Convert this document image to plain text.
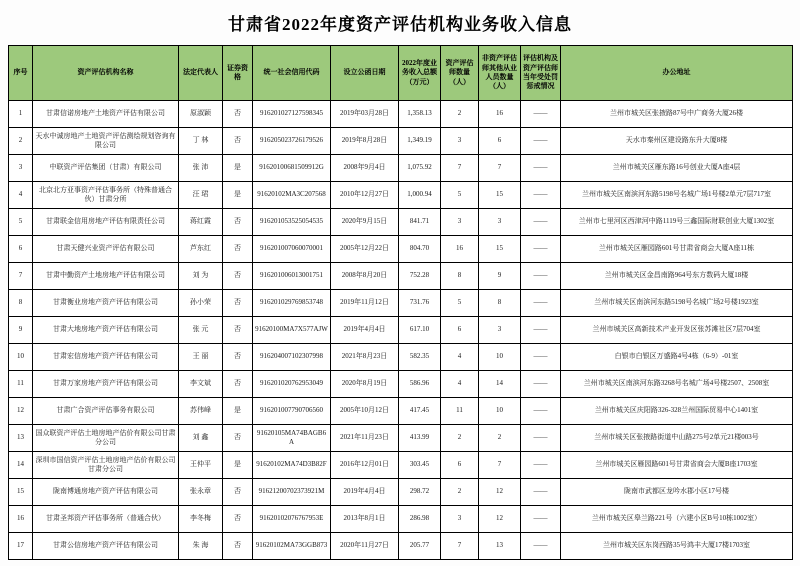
甘肃省2022年度资产评估机构业务收入信息
序号	资产评估机构名称	法定代表人	证券资格	统一社会信用代码	设立公函日期	2022年度业务收入总额（万元）	资产评估师数量（人）	非资产评估师其他从业人员数量（人）	评估机构及资产评估师当年受处罚惩戒情况	办公地址
1	甘肃信诺房地产土地资产评估有限公司	原淑颖	否	916201027127598345	2019年03月28日	1,358.13	2	16	——	兰州市城关区张掖路87号中广商务大厦26楼
2	天水中诚房地产土地资产评估测绘规划咨询有限公司	丁 林	否	916205023726179526	2019年8月28日	1,349.19	3	6	——	天水市秦州区建设路东升大厦8楼
3	中联资产评估集团（甘肃）有限公司	张 沛	是	91620100681509912G	2008年9月4日	1,075.92	7	7	——	兰州市城关区雁东路16号创业大厦A座4层
4	北京北方亚事资产评估事务所（特殊普通合伙）甘肃分所	汪 珺	是	91620102MA3C207568	2010年12月27日	1,000.94	5	15	——	兰州市城关区南滨河东路5198号名城广场1号楼2单元7层717室
5	甘肃联金信用房地产评估有限责任公司	蒋红霞	否	916201053525054535	2020年9月15日	841.71	3	3	——	兰州市七里河区西津河中路1119号三鑫国际财联创业大厦1302室
6	甘肃天健兴业资产评估有限公司	芦东红	否	916201007060070001	2005年12月22日	804.70	16	15	——	兰州市城关区雁园路601号甘肃省商会大厦A座11栋
7	甘肃中勤资产土地房地产评估有限公司	刘 为	否	916201006013001751	2008年8月20日	752.28	8	9	——	兰州市城关区金昌南路964号东方数码大厦18楼
8	甘肃衡业房地产资产评估有限公司	孙小荣	否	916201029769853748	2019年11月12日	731.76	5	8	——	兰州市城关区南滨河东路5198号名城广场2号楼1923室
9	甘肃大地房地产资产评估有限公司	张 元	否	91620100MA7X577AJW	2019年4月4日	617.10	6	3	——	兰州市城关区高新技术产业开发区张苏滩社区7层704室
10	甘肃宏信房地产资产评估有限公司	王 丽	否	916204007102307998	2021年8月23日	582.35	4	10	——	白银市白银区万盛路4号4栋（6-9）-01室
11	甘肃万家房地产资产评估有限公司	李文斌	否	916201020762953049	2020年8月19日	586.96	4	14	——	兰州市城关区南滨河东路3268号名城广场4号楼2507、2508室
12	甘肃广合资产评估事务有限公司	苏伟峰	是	916201007790706560	2005年10月12日	417.45	11	10	——	兰州市城关区庆阳路326-328兰州国际贸易中心1401室
13	国众联资产评估土地房地产估价有限公司甘肃分公司	刘 鑫	否	91620105MA74BAGB6A	2021年11月23日	413.99	2	2	——	兰州市城关区张掖路街道中山路275号2单元21楼003号
14	深圳市国信资产评估土地房地产估价有限公司甘肃分公司	王仲平	是	91620102MA74D3B82F	2016年12月01日	303.45	6	7	——	兰州市城关区雁园路601号甘肃省商会大厦B座1703室
15	陇南博通房地产资产评估有限公司	张永章	否	91621200702373921M	2019年4月4日	298.72	2	12	——	陇南市武都区龙吟水郡小区17号楼
16	甘肃圣邦资产评估事务所（普通合伙）	李冬梅	否	91620102076767953E	2013年8月1日	286.98	3	12	——	兰州市城关区皋兰路221号（六建小区B号10栋1002室）
17	甘肃公信房地产资产评估有限公司	朱 海	否	91620102MA73GGB873	2020年11月27日	205.77	7	13	——	兰州市城关区东岗西路35号鸿丰大厦17楼1703室
